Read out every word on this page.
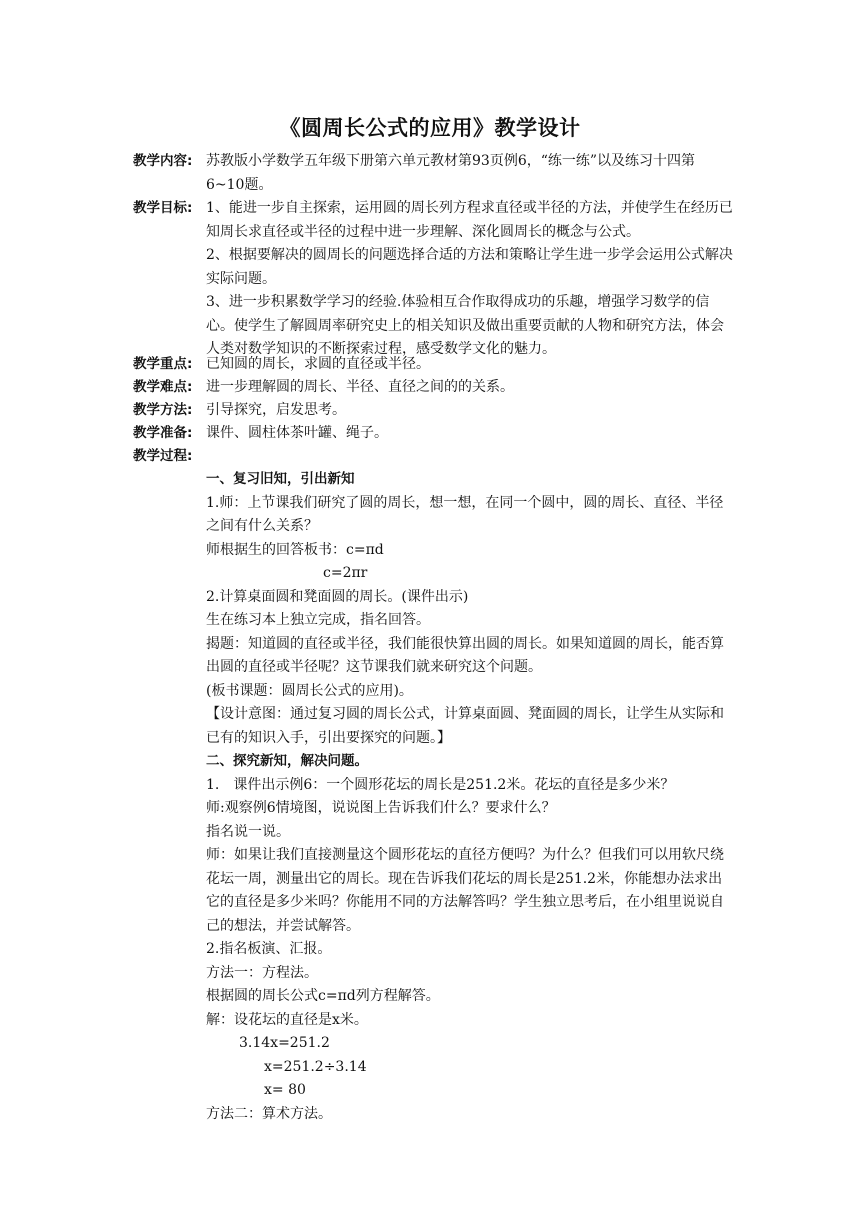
《圆周长公式的应用》教学设计
教学内容: 苏教版小学数学五年级下册第六单元教材第93页例6，“练一练”以及练习十四第6~10题。
教学目标: 1、能进一步自主探索，运用圆的周长列方程求直径或半径的方法，并使学生在经历已知周长求直径或半径的过程中进一步理解、深化圆周长的概念与公式。
2、根据要解决的圆周长的问题选择合适的方法和策略让学生进一步学会运用公式解决实际问题。
3、进一步积累数学学习的经验.体验相互合作取得成功的乐趣，增强学习数学的信心。使学生了解圆周率研究史上的相关知识及做出重要贡献的人物和研究方法，体会人类对数学知识的不断探索过程，感受数学文化的魅力。
教学重点: 已知圆的周长，求圆的直径或半径。
教学难点: 进一步理解圆的周长、半径、直径之间的的关系。
教学方法: 引导探究，启发思考。
教学准备: 课件、圆柱体茶叶罐、绳子。
教学过程:

一、复习旧知，引出新知

1.师：上节课我们研究了圆的周长，想一想，在同一个圆中，圆的周长、直径、半径之间有什么关系？

师根据生的回答板书：c=πd

c=2πr

2.计算桌面圆和凳面圆的周长。(课件出示)

生在练习本上独立完成，指名回答。

揭题：知道圆的直径或半径，我们能很快算出圆的周长。如果知道圆的周长，能否算出圆的直径或半径呢？这节课我们就来研究这个问题。

(板书课题：圆周长公式的应用)。

【设计意图：通过复习圆的周长公式，计算桌面圆、凳面圆的周长，让学生从实际和已有的知识入手，引出要探究的问题。】

二、探究新知，解决问题。

1.　课件出示例6：一个圆形花坛的周长是251.2米。花坛的直径是多少米？

师:观察例6情境图，说说图上告诉我们什么？要求什么？

指名说一说。

师：如果让我们直接测量这个圆形花坛的直径方便吗？为什么？但我们可以用软尺绕花坛一周，测量出它的周长。现在告诉我们花坛的周长是251.2米，你能想办法求出它的直径是多少米吗？你能用不同的方法解答吗？学生独立思考后，在小组里说说自己的想法，并尝试解答。

2.指名板演、汇报。

方法一：方程法。

根据圆的周长公式c=πd列方程解答。

解：设花坛的直径是x米。

3.14x=251.2

x=251.2÷3.14

x= 80

方法二：算术方法。
